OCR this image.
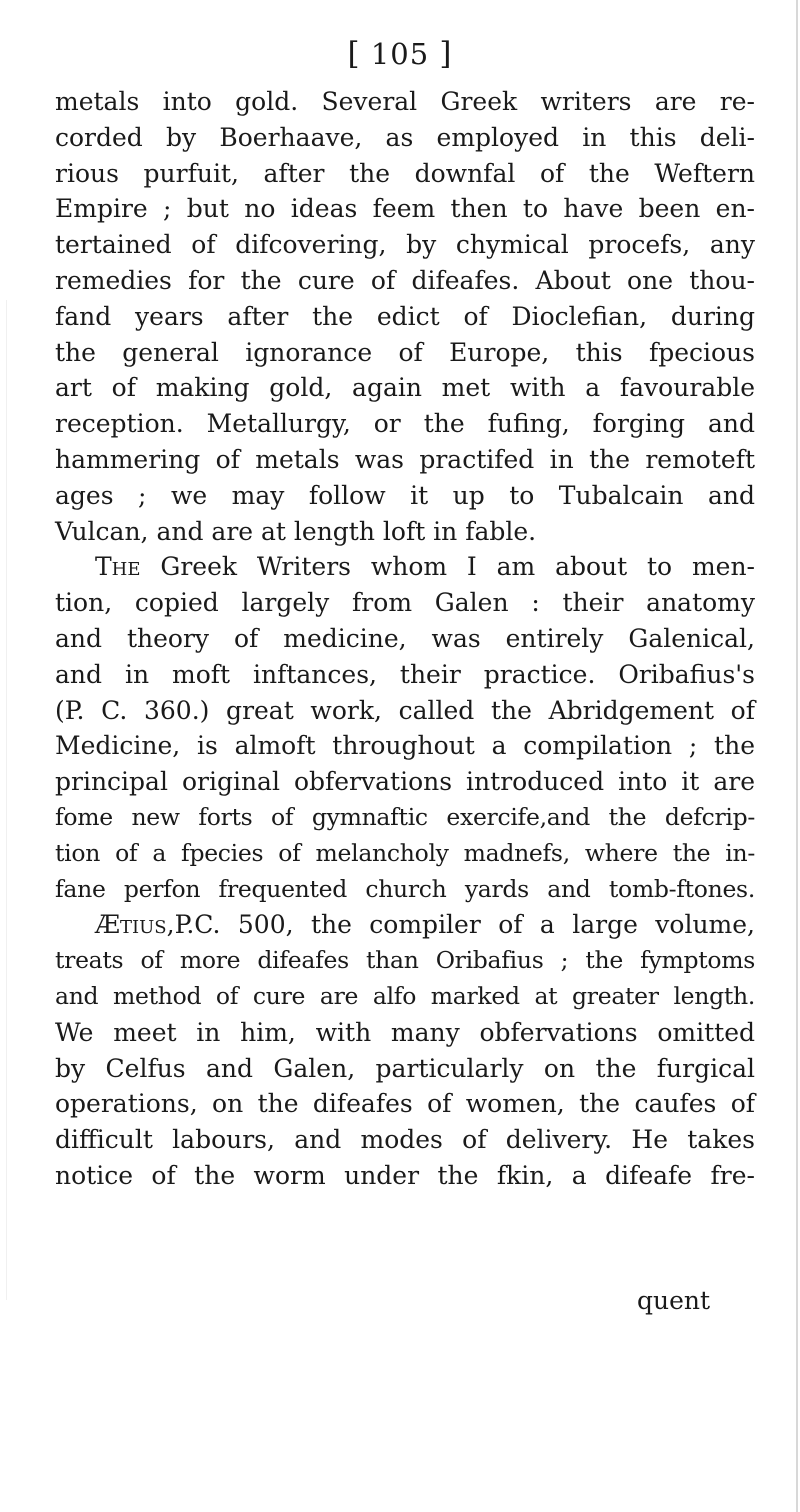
[ 105 ]
metals into gold. Several Greek writers are re-
corded by Boerhaave, as employed in this deli-
rious purfuit, after the downfal of the Weftern
Empire ; but no ideas feem then to have been en-
tertained of difcovering, by chymical procefs, any
remedies for the cure of difeafes. About one thou-
fand years after the edict of Dioclefian, during
the general ignorance of Europe, this fpecious
art of making gold, again met with a favourable
reception. Metallurgy, or the fufing, forging and
hammering of metals was practifed in the remoteft
ages ; we may follow it up to Tubalcain and
Vulcan, and are at length loft in fable.
The Greek Writers whom I am about to men-
tion, copied largely from Galen : their anatomy
and theory of medicine, was entirely Galenical,
and in moft inftances, their practice. Oribafius's
(P. C. 360.) great work, called the Abridgement of
Medicine, is almoft throughout a compilation ; the
principal original obfervations introduced into it are
fome new forts of gymnaftic exercife,and the defcrip-
tion of a fpecies of melancholy madnefs, where the in-
fane perfon frequented church yards and tomb-ftones.
Ætius,P.C. 500, the compiler of a large volume,
treats of more difeafes than Oribafius ; the fymptoms
and method of cure are alfo marked at greater length.
We meet in him, with many obfervations omitted
by Celfus and Galen, particularly on the furgical
operations, on the difeafes of women, the caufes of
difficult labours, and modes of delivery. He takes
notice of the worm under the fkin, a difeafe fre-
quent
